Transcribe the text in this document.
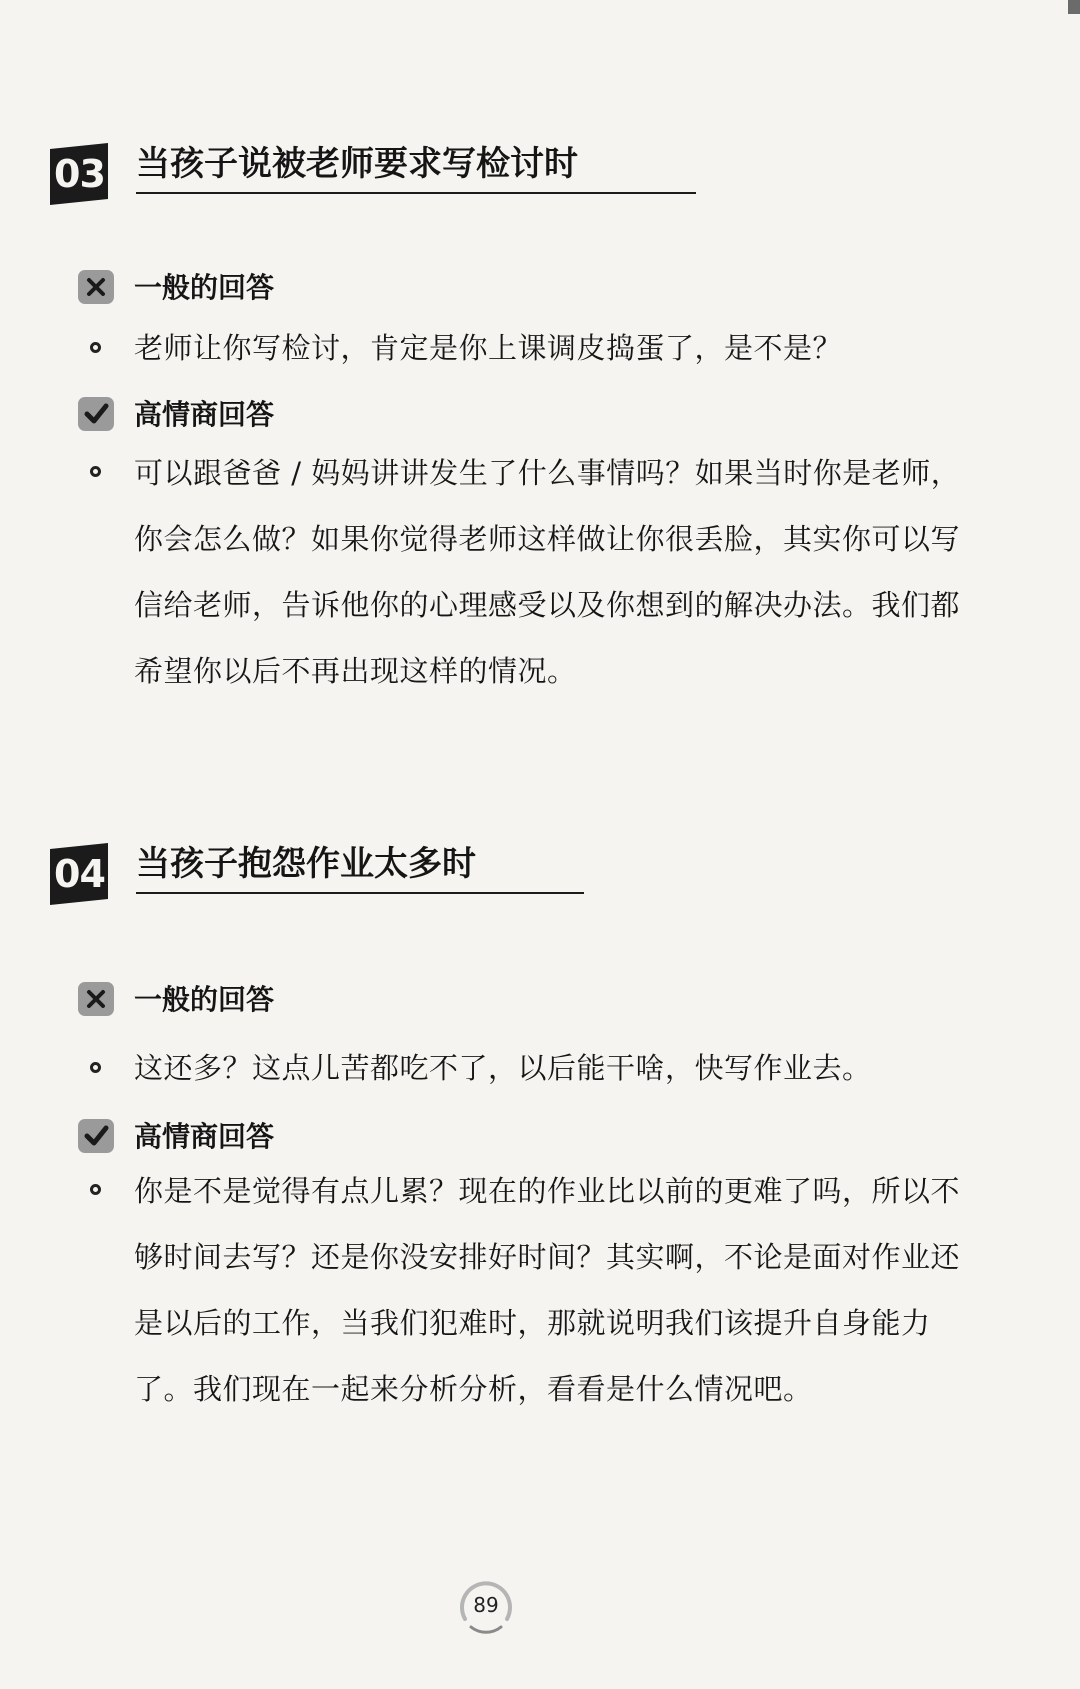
03 当孩子说被老师要求写检讨时
一般的回答
老师让你写检讨，肯定是你上课调皮捣蛋了，是不是？
高情商回答
可以跟爸爸 / 妈妈讲讲发生了什么事情吗？如果当时你是老师，你会怎么做？如果你觉得老师这样做让你很丢脸，其实你可以写信给老师，告诉他你的心理感受以及你想到的解决办法。我们都希望你以后不再出现这样的情况。
04 当孩子抱怨作业太多时
一般的回答
这还多？这点儿苦都吃不了，以后能干啥，快写作业去。
高情商回答
你是不是觉得有点儿累？现在的作业比以前的更难了吗，所以不够时间去写？还是你没安排好时间？其实啊，不论是面对作业还是以后的工作，当我们犯难时，那就说明我们该提升自身能力了。我们现在一起来分析分析，看看是什么情况吧。
89
